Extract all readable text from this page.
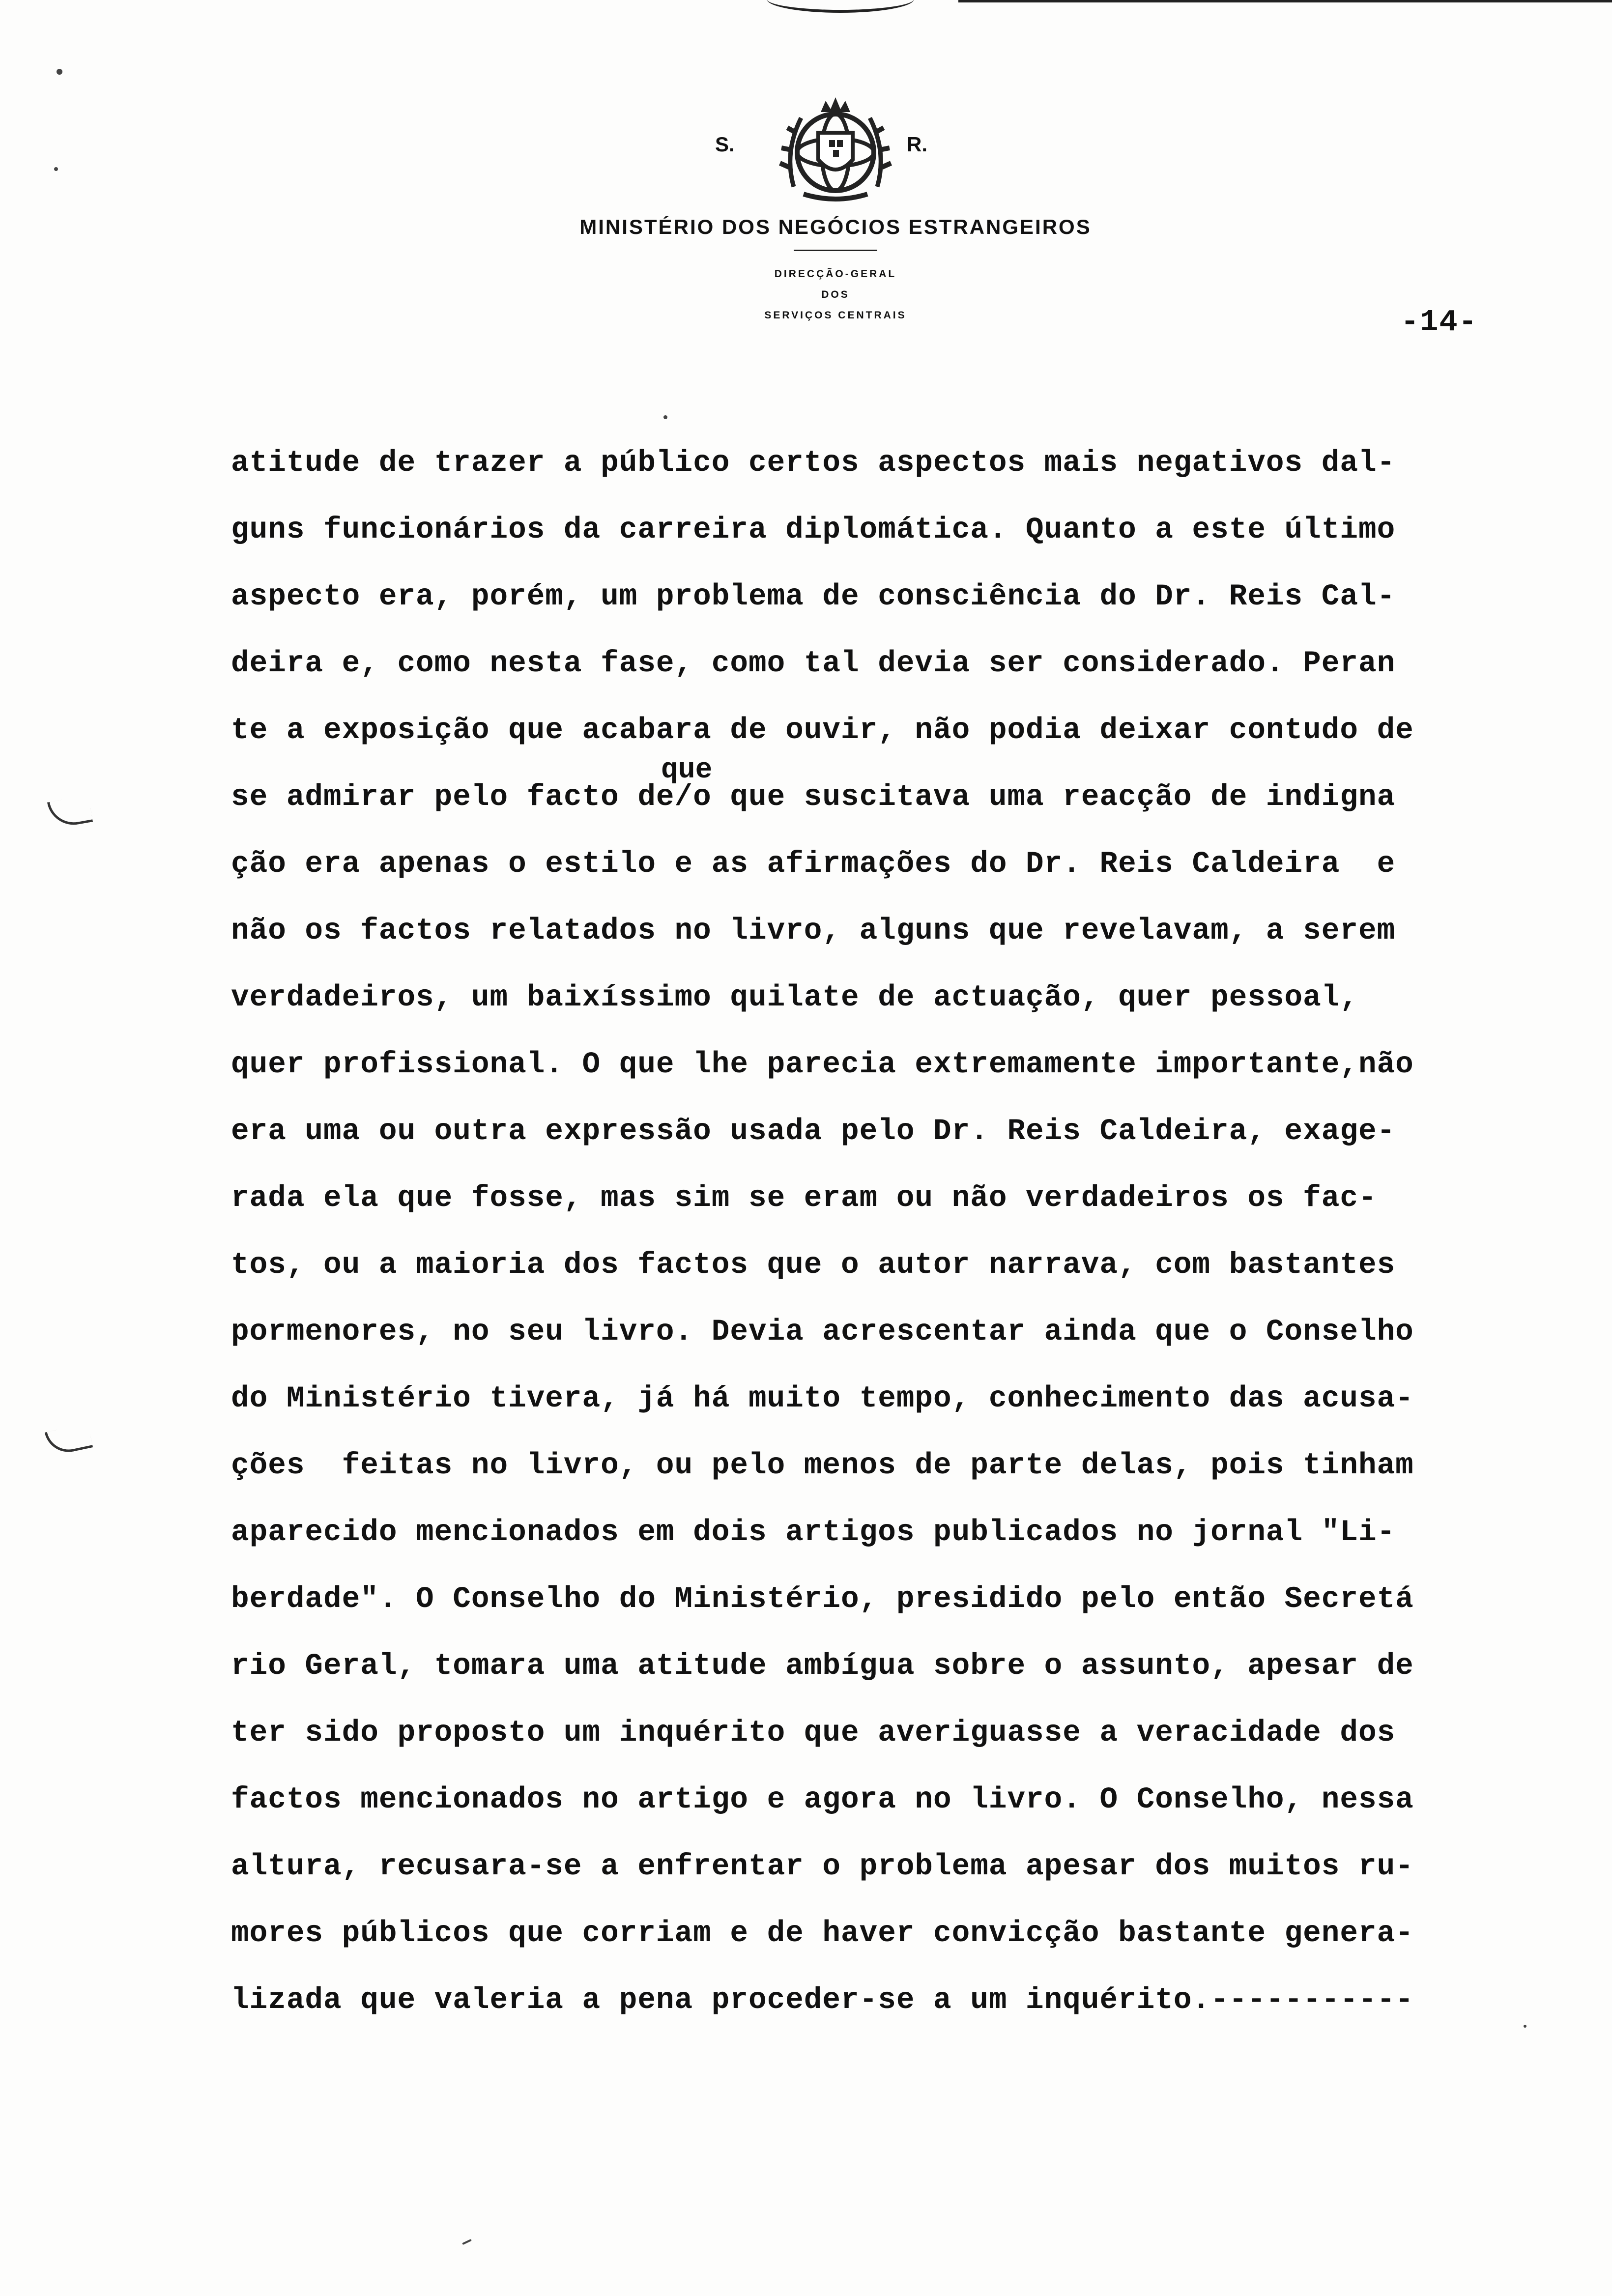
S.	R.
MINISTÉRIO DOS NEGÓCIOS ESTRANGEIROS
DIRECÇÃO-GERAL
DOS
SERVIÇOS CENTRAIS	-14-
atitude de trazer a público certos aspectos mais negativos dal-
guns funcionários da carreira diplomática. Quanto a este último
aspecto era, porém, um problema de consciência do Dr. Reis Cal-
deira e, como nesta fase, como tal devia ser considerado. Peran
te a exposição que acabara de ouvir, não podia deixar contudo de
se admirar pelo facto de/o que suscitava uma reacção de indigna
ção era apenas o estilo e as afirmações do Dr. Reis Caldeira  e
não os factos relatados no livro, alguns que revelavam, a serem
verdadeiros, um baixíssimo quilate de actuação, quer pessoal,
quer profissional. O que lhe parecia extremamente importante,não
era uma ou outra expressão usada pelo Dr. Reis Caldeira, exage-
rada ela que fosse, mas sim se eram ou não verdadeiros os fac-
tos, ou a maioria dos factos que o autor narrava, com bastantes
pormenores, no seu livro. Devia acrescentar ainda que o Conselho
do Ministério tivera, já há muito tempo, conhecimento das acusa-
ções  feitas no livro, ou pelo menos de parte delas, pois tinham
aparecido mencionados em dois artigos publicados no jornal "Li-
berdade". O Conselho do Ministério, presidido pelo então Secretá
rio Geral, tomara uma atitude ambígua sobre o assunto, apesar de
ter sido proposto um inquérito que averiguasse a veracidade dos
factos mencionados no artigo e agora no livro. O Conselho, nessa
altura, recusara-se a enfrentar o problema apesar dos muitos ru-
mores públicos que corriam e de haver convicção bastante genera-
lizada que valeria a pena proceder-se a um inquérito.-----------
que
